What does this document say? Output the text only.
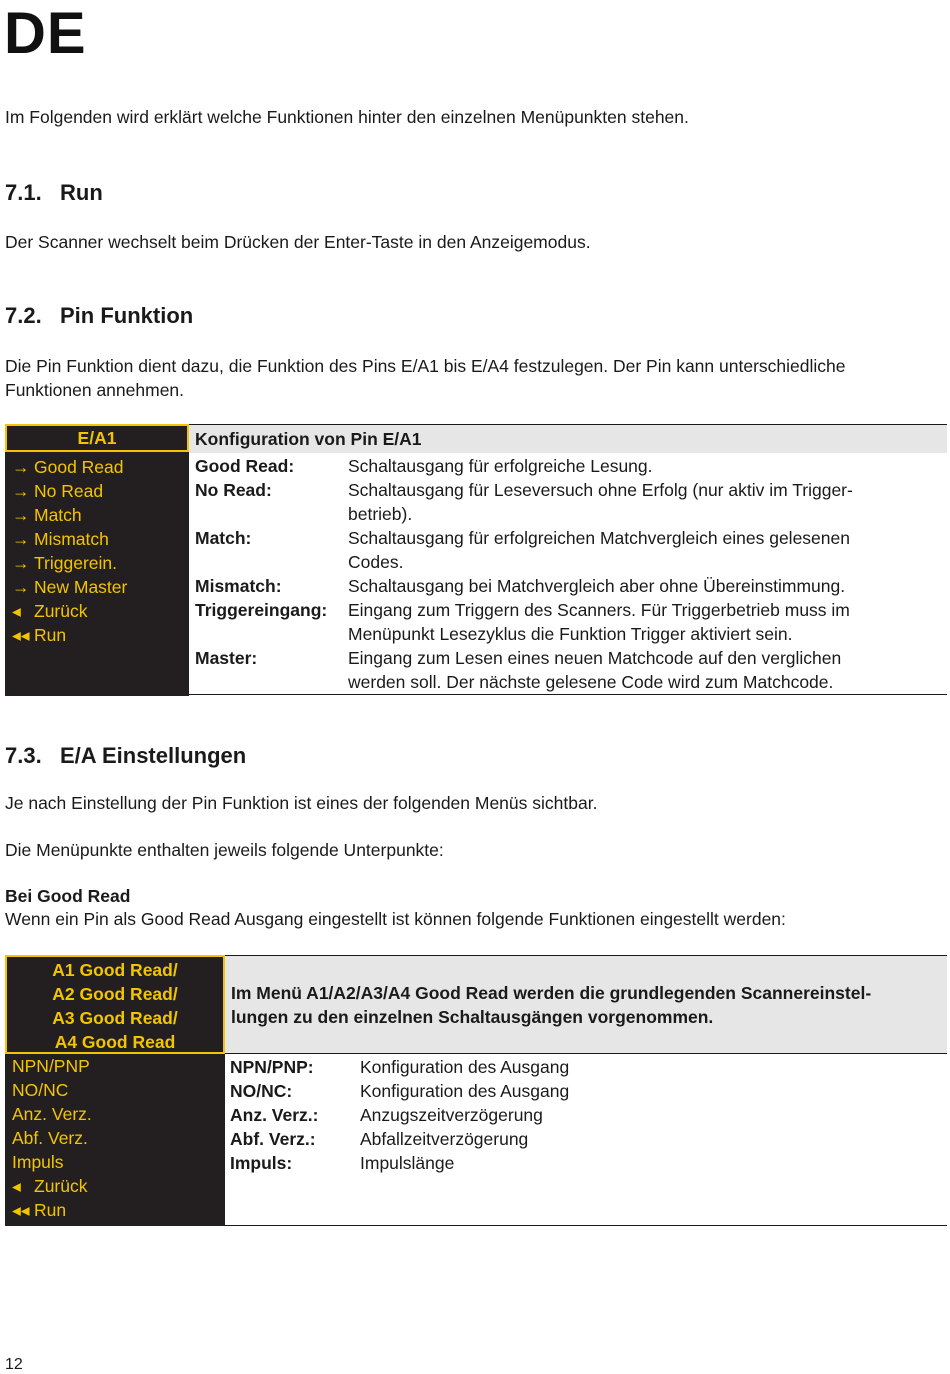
DE
Im Folgenden wird erklärt welche Funktionen hinter den einzelnen Menüpunkten stehen.
7.1. Run
Der Scanner wechselt beim Drücken der Enter-Taste in den Anzeigemodus.
7.2. Pin Funktion
Die Pin Funktion dient dazu, die Funktion des Pins E/A1 bis E/A4 festzulegen. Der Pin kann unterschiedliche
Funktionen annehmen.
E/A1
→ Good Read
→ No Read
→ Match
→ Mismatch
→ Triggerein.
→ New Master
◂ Zurück
◂◂ Run
Konfiguration von Pin E/A1
Good Read:	Schaltausgang für erfolgreiche Lesung.
No Read:	Schaltausgang für Leseversuch ohne Erfolg (nur aktiv im Trigger-
betrieb).
Match:	Schaltausgang für erfolgreichen Matchvergleich eines gelesenen
Codes.
Mismatch:	Schaltausgang bei Matchvergleich aber ohne Übereinstimmung.
Triggereingang: Eingang zum Triggern des Scanners. Für Triggerbetrieb muss im
Menüpunkt Lesezyklus die Funktion Trigger aktiviert sein.
Master:	Eingang zum Lesen eines neuen Matchcode auf den verglichen
werden soll. Der nächste gelesene Code wird zum Matchcode.
7.3. E/A Einstellungen
Je nach Einstellung der Pin Funktion ist eines der folgenden Menüs sichtbar.
Die Menüpunkte enthalten jeweils folgende Unterpunkte:
Bei Good Read
Wenn ein Pin als Good Read Ausgang eingestellt ist können folgende Funktionen eingestellt werden:
A1 Good Read/
A2 Good Read/
A3 Good Read/
A4 Good Read
NPN/PNP
NO/NC
Anz. Verz.
Abf. Verz.
Impuls
◂ Zurück
◂◂ Run
Im Menü A1/A2/A3/A4 Good Read werden die grundlegenden Scannereinstel-
lungen zu den einzelnen Schaltausgängen vorgenommen.
NPN/PNP:	Konfiguration des Ausgang
NO/NC:	Konfiguration des Ausgang
Anz. Verz.: Anzugszeitverzögerung
Abf. Verz.:	Abfallzeitverzögerung
Impuls:	Impulslänge
12
